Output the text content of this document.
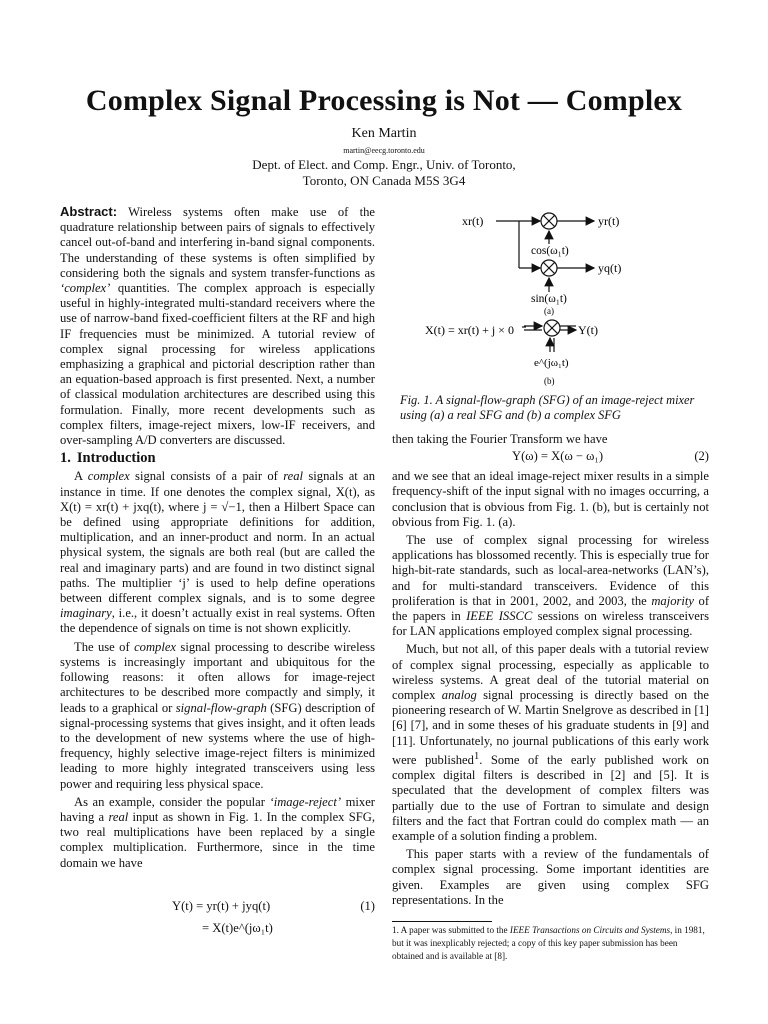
Complex Signal Processing is Not — Complex
Ken Martin
martin@eecg.toronto.edu
Dept. of Elect. and Comp. Engr., Univ. of Toronto,
Toronto, ON Canada M5S 3G4

Abstract: Wireless systems often make use of the quadrature relationship between pairs of signals to effectively cancel out-of-band and interfering in-band signal components. The understanding of these systems is often simplified by considering both the signals and system transfer-functions as ‘complex’ quantities. The complex approach is especially useful in highly-integrated multi-standard receivers where the use of narrow-band fixed-coefficient filters at the RF and high IF frequencies must be minimized. A tutorial review of complex signal processing for wireless applications emphasizing a graphical and pictorial description rather than an equation-based approach is first presented. Next, a number of classical modulation architectures are described using this formulation. Finally, more recent developments such as complex filters, image-reject mixers, low-IF receivers, and over-sampling A/D converters are discussed.

1. Introduction

A complex signal consists of a pair of real signals at an instance in time. If one denotes the complex signal, X(t), as X(t) = xr(t) + jxq(t), where j = √−1, then a Hilbert Space can be defined using appropriate definitions for addition, multiplication, and an inner-product and norm. In an actual physical system, the signals are both real (but are called the real and imaginary parts) and are found in two distinct signal paths. The multiplier ‘j’ is used to help define operations between different complex signals, and is to some degree imaginary, i.e., it doesn’t actually exist in real systems. Often the dependence of signals on time is not shown explicitly.

The use of complex signal processing to describe wireless systems is increasingly important and ubiquitous for the following reasons: it often allows for image-reject architectures to be described more compactly and simply, it leads to a graphical or signal-flow-graph (SFG) description of signal-processing systems that gives insight, and it often leads to the development of new systems where the use of high-frequency, highly selective image-reject filters is minimized leading to more highly integrated transceivers using less power and requiring less physical space.

As an example, consider the popular ‘image-reject’ mixer having a real input as shown in Fig. 1. In the complex SFG, two real multiplications have been replaced by a single complex multiplication. Furthermore, since in the time domain we have

Y(t) = yr(t) + jyq(t)	(1)
= X(t)e^(jω₁t)
xr(t)	yr(t)
yq(t)
cos(ω₁t)
sin(ω₁t)
(a)
X(t) = xr(t) + j × 0	Y(t)
e^(jω₁t)
(b)
Fig. 1. A signal-flow-graph (SFG) of an image-reject mixer using (a) a real SFG and (b) a complex SFG

then taking the Fourier Transform we have

Y(ω) = X(ω − ω₁)	(2)

and we see that an ideal image-reject mixer results in a simple frequency-shift of the input signal with no images occurring, a conclusion that is obvious from Fig. 1. (b), but is certainly not obvious from Fig. 1. (a).

The use of complex signal processing for wireless applications has blossomed recently. This is especially true for high-bit-rate standards, such as local-area-networks (LAN’s), and for multi-standard transceivers. Evidence of this proliferation is that in 2001, 2002, and 2003, the majority of the papers in IEEE ISSCC sessions on wireless transceivers for LAN applications employed complex signal processing.

Much, but not all, of this paper deals with a tutorial review of complex signal processing, especially as applicable to wireless systems. A great deal of the tutorial material on complex analog signal processing is directly based on the pioneering research of W. Martin Snelgrove as described in [1] [6] [7], and in some theses of his graduate students in [9] and [11]. Unfortunately, no journal publications of this early work were published$^1$. Some of the early published work on complex digital filters is described in [2] and [5]. It is speculated that the development of complex filters was partially due to the use of Fortran to simulate and design filters and the fact that Fortran could do complex math — an example of a solution finding a problem.

This paper starts with a review of the fundamentals of complex signal processing. Some important identities are given. Examples are given using complex SFG representations. In the

1. A paper was submitted to the IEEE Transactions on Circuits and Systems, in 1981, but it was inexplicably rejected; a copy of this key paper submission has been obtained and is available at [8].
